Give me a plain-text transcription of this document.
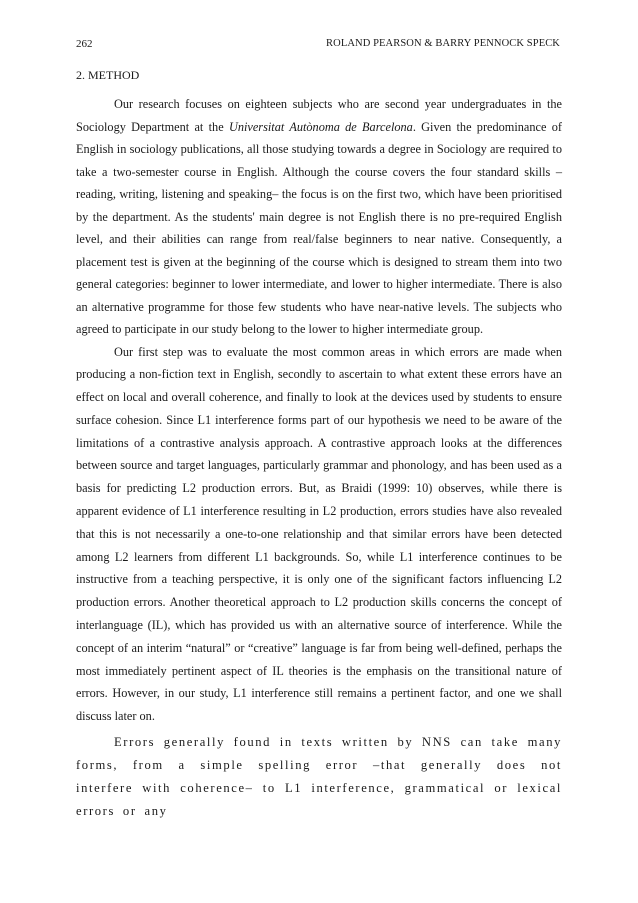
262	ROLAND PEARSON & BARRY PENNOCK SPECK
2. METHOD

Our research focuses on eighteen subjects who are second year undergraduates in the Sociology Department at the Universitat Autònoma de Barcelona. Given the predominance of English in sociology publications, all those studying towards a degree in Sociology are required to take a two-semester course in English. Although the course covers the four standard skills –reading, writing, listening and speaking– the focus is on the first two, which have been prioritised by the department. As the students' main degree is not English there is no pre-required English level, and their abilities can range from real/false beginners to near native. Consequently, a placement test is given at the beginning of the course which is designed to stream them into two general categories: beginner to lower intermediate, and lower to higher intermediate. There is also an alternative programme for those few students who have near-native levels. The subjects who agreed to participate in our study belong to the lower to higher intermediate group.

Our first step was to evaluate the most common areas in which errors are made when producing a non-fiction text in English, secondly to ascertain to what extent these errors have an effect on local and overall coherence, and finally to look at the devices used by students to ensure surface cohesion. Since L1 interference forms part of our hypothesis we need to be aware of the limitations of a contrastive analysis approach. A contrastive approach looks at the differences between source and target languages, particularly grammar and phonology, and has been used as a basis for predicting L2 production errors. But, as Braidi (1999: 10) observes, while there is apparent evidence of L1 interference resulting in L2 production, errors studies have also revealed that this is not necessarily a one-to-one relationship and that similar errors have been detected among L2 learners from different L1 backgrounds. So, while L1 interference continues to be instructive from a teaching perspective, it is only one of the significant factors influencing L2 production errors. Another theoretical approach to L2 production skills concerns the concept of interlanguage (IL), which has provided us with an alternative source of interference. While the concept of an interim “natural” or “creative” language is far from being well-defined, perhaps the most immediately pertinent aspect of IL theories is the emphasis on the transitional nature of errors. However, in our study, L1 interference still remains a pertinent factor, and one we shall discuss later on.

Errors generally found in texts written by NNS can take many forms, from a simple spelling error –that generally does not interfere with coherence– to L1 interference, grammatical or lexical errors or any
